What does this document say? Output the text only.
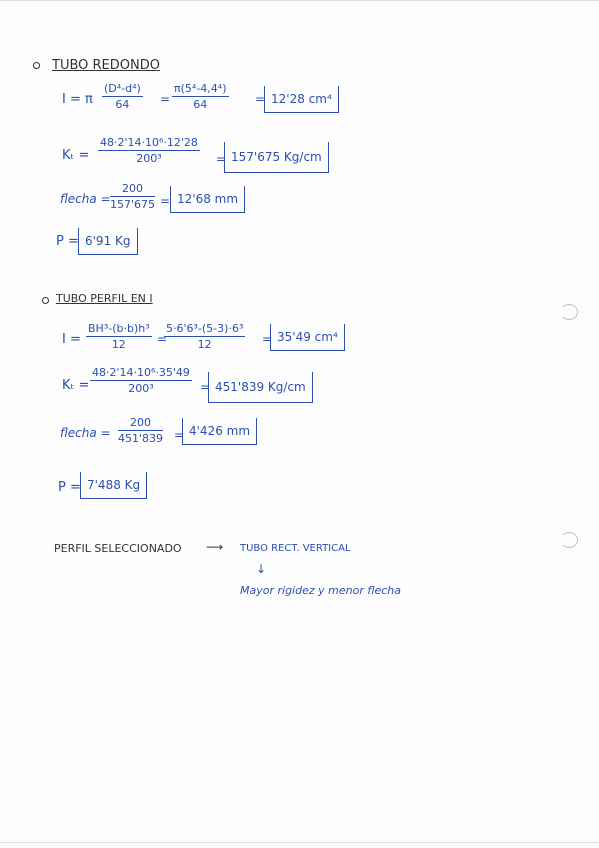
TUBO REDONDO
I = π $\frac{\text{(D⁴-d⁴)}}{64} = \frac{\text{π(5⁴-4,4⁴)}}{64} = 12'28$ cm⁴
$K_t = \frac{\text{48·2'14·10⁶·12'28}}{\text{200³}} = 157'675$ Kg/cm
flecha = $\frac{200}{157'675} = 12'68$ mm
P = 6'91 Kg
TUBO PERFIL EN I
$I = \frac{\text{BH³-(b·b)h³}}{12}$ =
$\frac{\text{5·6'6³-(5-3)·6³}}{12} = 35'49$ cm⁴
$K_t = \frac{\text{48·2'14·10⁶·35'49}}{\text{200³}} = 451'839$ Kg/cm
flecha = $\frac{200}{451'839} = 4'426$ mm
P = 7'488 Kg
PERFIL SELECCIONADO ⟶ TUBO RECT. VERTICAL
↓
Mayor rigidez y menor flecha
